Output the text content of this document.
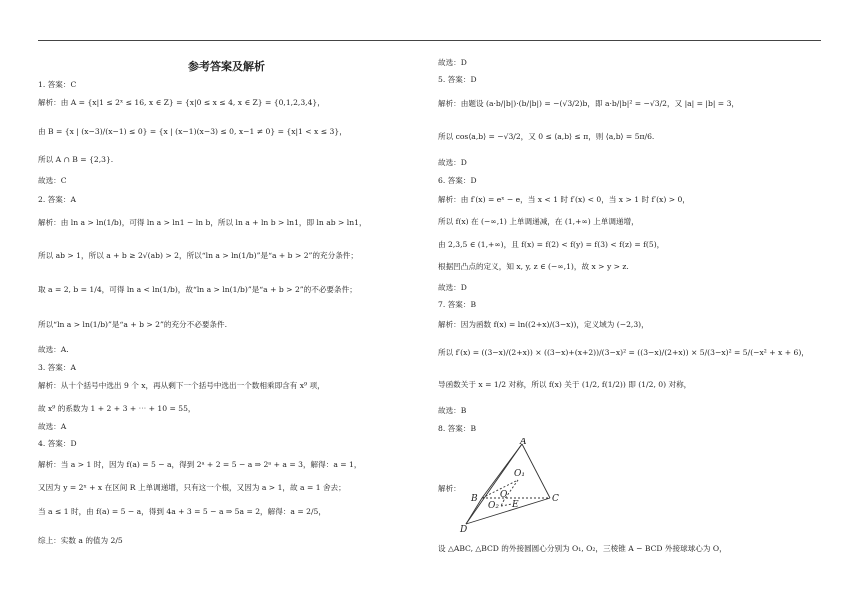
参考答案及解析
1. 答案：C
解析：由 A = {x|1 ≤ 2ˣ ≤ 16, x ∈ Z} = {x|0 ≤ x ≤ 4, x ∈ Z} = {0,1,2,3,4}，
由 B = {x | (x−3)/(x−1) ≤ 0} = {x | (x−1)(x−3) ≤ 0, x−1 ≠ 0} = {x|1 < x ≤ 3}，
所以 A ∩ B = {2,3}.
故选：C
2. 答案：A
解析：由 ln a > ln(1/b)，可得 ln a > ln1 − ln b，所以 ln a + ln b > ln1，即 ln ab > ln1，
所以 ab > 1，所以 a + b ≥ 2√(ab) > 2，所以“ln a > ln(1/b)”是“a + b > 2”的充分条件；
取 a = 2, b = 1/4，可得 ln a < ln(1/b)，故“ln a > ln(1/b)”是“a + b > 2”的不必要条件；
所以“ln a > ln(1/b)”是“a + b > 2”的充分不必要条件.
故选：A.
3. 答案：A
解析：从十个括号中选出 9 个 x，再从剩下一个括号中选出一个数相乘即含有 x⁹ 项，
故 x⁹ 的系数为 1 + 2 + 3 + ⋯ + 10 = 55，
故选：A
4. 答案：D
解析：当 a > 1 时，因为 f(a) = 5 − a，得到 2ᵃ + 2 = 5 − a ⇒ 2ᵃ + a = 3，解得：a = 1，
又因为 y = 2ˣ + x 在区间 R 上单调递增，只有这一个根，又因为 a > 1，故 a = 1 舍去；
当 a ≤ 1 时，由 f(a) = 5 − a，得到 4a + 3 = 5 − a ⇒ 5a = 2，解得：a = 2/5，
综上：实数 a 的值为 2/5
故选：D
5. 答案：D
解析：由题设 (a·b/|b|)·(b/|b|) = −(√3/2)b，即 a·b/|b|² = −√3/2，又 |a| = |b| = 3，
所以 cos⟨a,b⟩ = −√3/2，又 0 ≤ ⟨a,b⟩ ≤ π，则 ⟨a,b⟩ = 5π/6.
故选：D
6. 答案：D
解析：由 f′(x) = eˣ − e，当 x < 1 时 f′(x) < 0，当 x > 1 时 f′(x) > 0，
所以 f(x) 在 (−∞,1) 上单调递减，在 (1,+∞) 上单调递增，
由 2,3,5 ∈ (1,+∞)，且 f(x) = f(2) < f(y) = f(3) < f(z) = f(5)，
根据凹凸点的定义，知 x, y, z ∈ (−∞,1)，故 x > y > z.
故选：D
7. 答案：B
解析：因为函数 f(x) = ln((2+x)/(3−x))，定义域为 (−2,3)，
所以 f′(x) = ((3−x)/(2+x)) × ((3−x)+(x+2))/(3−x)² = ((3−x)/(2+x)) × 5/(3−x)² = 5/(−x² + x + 6)，
导函数关于 x = 1/2 对称，所以 f(x) 关于 (1/2, f(1/2)) 即 (1/2, 0) 对称，
故选：B
8. 答案：B
解析：
设 △ABC, △BCD 的外接圆圆心分别为 O₁, O₂，三棱锥 A − BCD 外接球球心为 O，
A
B	C
D
O₁
O
O₂ E
